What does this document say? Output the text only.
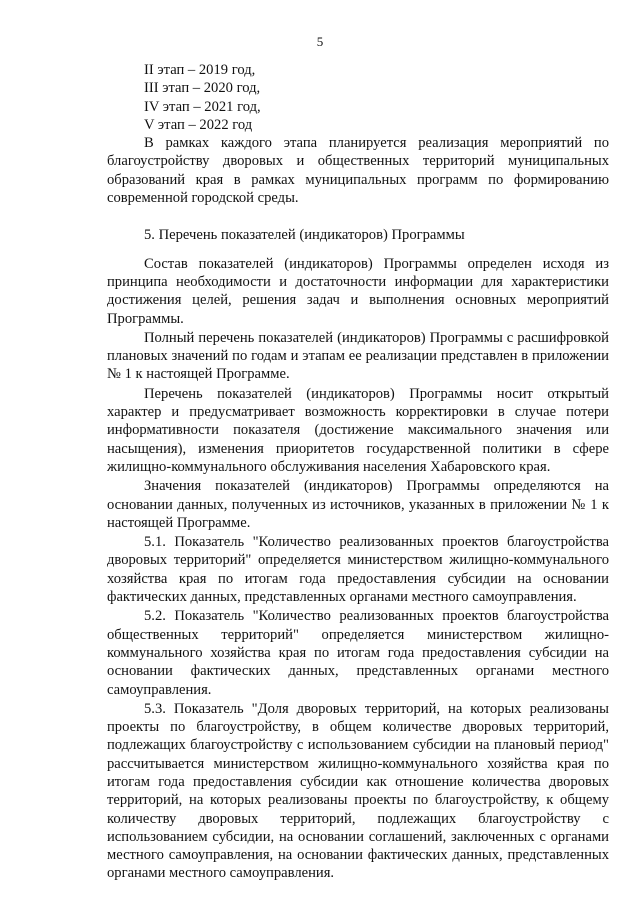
5
II этап – 2019 год,
III этап – 2020 год,
IV этап – 2021 год,
V этап – 2022 год
В рамках каждого этапа планируется реализация мероприятий по благоустройству дворовых и общественных территорий муниципальных образований края в рамках муниципальных программ по формированию современной городской среды.
5. Перечень показателей (индикаторов) Программы
Состав показателей (индикаторов) Программы определен исходя из принципа необходимости и достаточности информации для характеристики достижения целей, решения задач и выполнения основных мероприятий Программы.
Полный перечень показателей (индикаторов) Программы с расшифровкой плановых значений по годам и этапам ее реализации представлен в приложении № 1 к настоящей Программе.
Перечень показателей (индикаторов) Программы носит открытый характер и предусматривает возможность корректировки в случае потери информативности показателя (достижение максимального значения или насыщения), изменения приоритетов государственной политики в сфере жилищно-коммунального обслуживания населения Хабаровского края.
Значения показателей (индикаторов) Программы определяются на основании данных, полученных из источников, указанных в приложении № 1 к настоящей Программе.
5.1. Показатель "Количество реализованных проектов благоустройства дворовых территорий" определяется министерством жилищно-коммунального хозяйства края по итогам года предоставления субсидии на основании фактических данных, представленных органами местного самоуправления.
5.2. Показатель "Количество реализованных проектов благоустройства общественных территорий" определяется министерством жилищно-коммунального хозяйства края по итогам года предоставления субсидии на основании фактических данных, представленных органами местного самоуправления.
5.3. Показатель "Доля дворовых территорий, на которых реализованы проекты по благоустройству, в общем количестве дворовых территорий, подлежащих благоустройству с использованием субсидии на плановый период" рассчитывается министерством жилищно-коммунального хозяйства края по итогам года предоставления субсидии как отношение количества дворовых территорий, на которых реализованы проекты по благоустройству, к общему количеству дворовых территорий, подлежащих благоустройству с использованием субсидии, на основании соглашений, заключенных с органами местного самоуправления, на основании фактических данных, представленных органами местного самоуправления.
